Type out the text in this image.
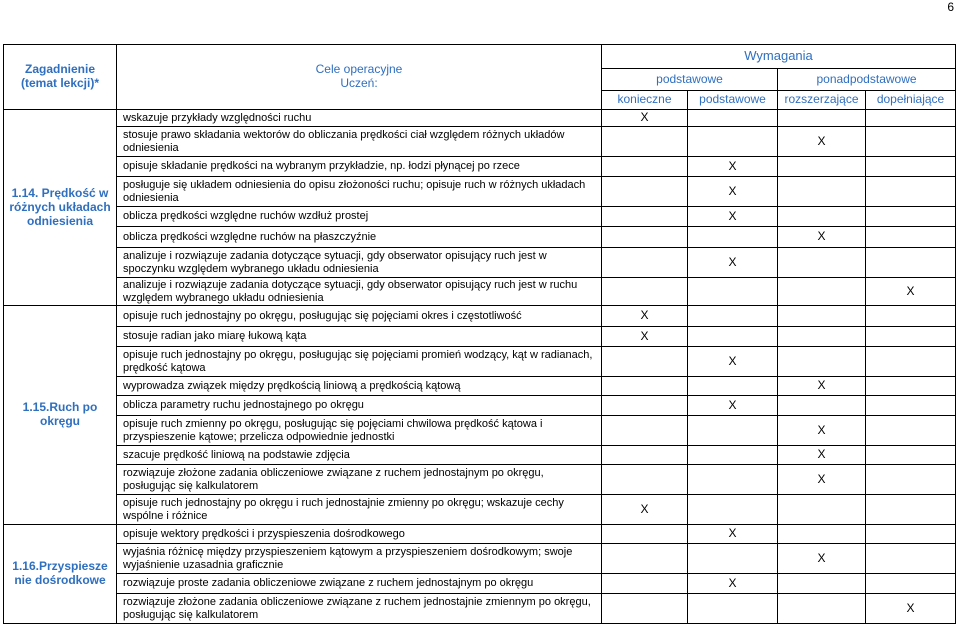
6
Zagadnienie (temat lekcji)*	Cele operacyjne
Uczeń:	Wymagania			
		podstawowe		ponadpodstawowe	
		konieczne	podstawowe	rozszerzające	dopełniające
1.14. Prędkość w różnych układach odniesienia	wskazuje przykłady względności ruchu	X			
	stosuje prawo składania wektorów do obliczania prędkości ciał względem różnych układów odniesienia			X	
	opisuje składanie prędkości na wybranym przykładzie, np. łodzi płynącej po rzece		X		
	posługuje się układem odniesienia do opisu złożoności ruchu; opisuje ruch w różnych układach odniesienia		X		
	oblicza prędkości względne ruchów wzdłuż prostej		X		
	oblicza prędkości względne ruchów na płaszczyźnie			X	
	analizuje i rozwiązuje zadania dotyczące sytuacji, gdy obserwator opisujący ruch jest w spoczynku względem wybranego układu odniesienia		X		
	analizuje i rozwiązuje zadania dotyczące sytuacji, gdy obserwator opisujący ruch jest w ruchu względem wybranego układu odniesienia				X
1.15.Ruch po okręgu	opisuje ruch jednostajny po okręgu, posługując się pojęciami okres i częstotliwość	X			
	stosuje radian jako miarę łukową kąta	X			
	opisuje ruch jednostajny po okręgu, posługując się pojęciami promień wodzący, kąt w radianach, prędkość kątowa		X		
	wyprowadza związek między prędkością liniową a prędkością kątową			X	
	oblicza parametry ruchu jednostajnego po okręgu		X		
	opisuje ruch zmienny po okręgu, posługując się pojęciami chwilowa prędkość kątowa i przyspieszenie kątowe; przelicza odpowiednie jednostki			X	
	szacuje prędkość liniową na podstawie zdjęcia			X	
	rozwiązuje złożone zadania obliczeniowe związane z ruchem jednostajnym po okręgu, posługując się kalkulatorem			X	
	opisuje ruch jednostajny po okręgu i ruch jednostajnie zmienny po okręgu; wskazuje cechy wspólne i różnice	X			
1.16.Przyspiesze nie dośrodkowe	opisuje wektory prędkości i przyspieszenia dośrodkowego		X		
	wyjaśnia różnicę między przyspieszeniem kątowym a przyspieszeniem dośrodkowym; swoje wyjaśnienie uzasadnia graficznie			X	
	rozwiązuje proste zadania obliczeniowe związane z ruchem jednostajnym po okręgu		X		
	rozwiązuje złożone zadania obliczeniowe związane z ruchem jednostajnie zmiennym po okręgu, posługując się kalkulatorem				X
